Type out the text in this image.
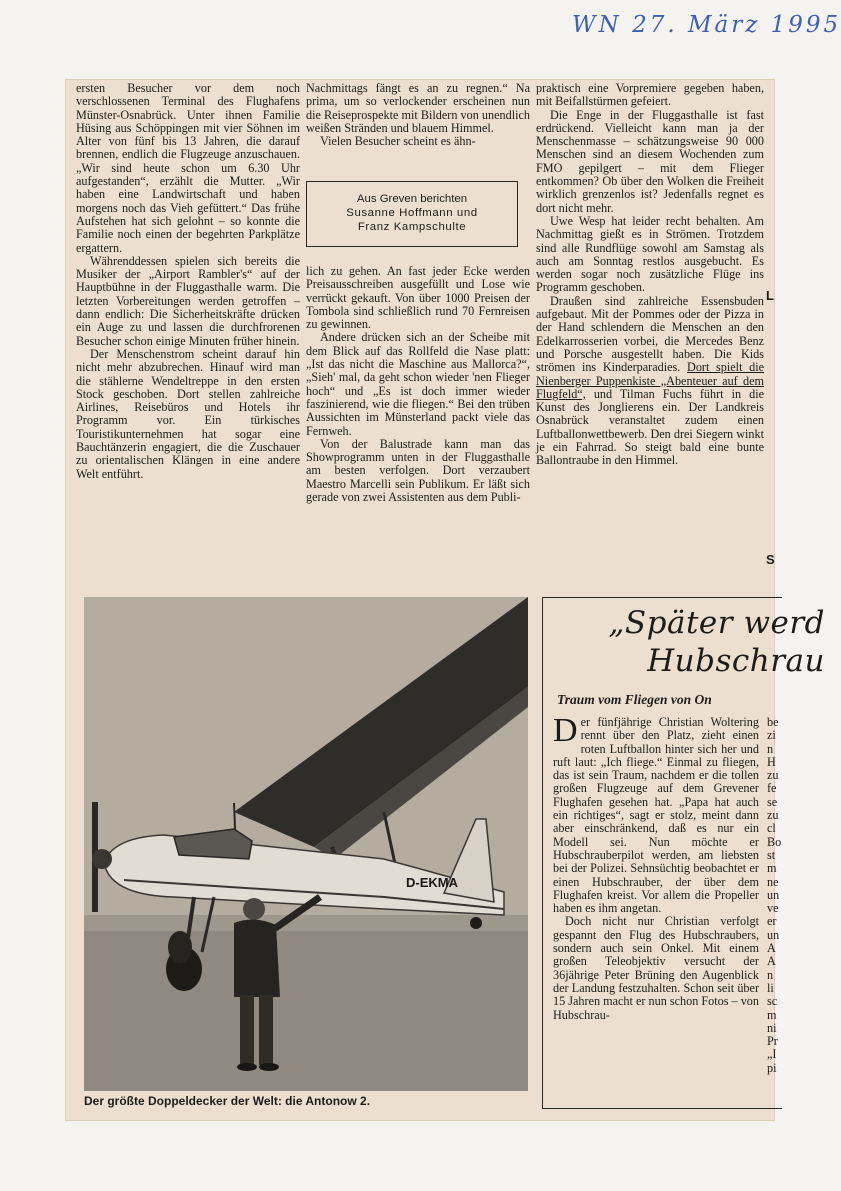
WN 27. März 1995

ersten Besucher vor dem noch verschlossenen Terminal des Flughafens Münster-Osnabrück. Unter ihnen Familie Hüsing aus Schöppingen mit vier Söhnen im Alter von fünf bis 13 Jahren, die darauf brennen, endlich die Flugzeuge anzuschauen. „Wir sind heute schon um 6.30 Uhr aufgestanden“, erzählt die Mutter. „Wir haben eine Landwirtschaft und haben morgens noch das Vieh gefüttert.“ Das frühe Aufstehen hat sich gelohnt – so konnte die Familie noch einen der begehrten Parkplätze ergattern.

Währenddessen spielen sich bereits die Musiker der „Airport Rambler's“ auf der Hauptbühne in der Fluggasthalle warm. Die letzten Vorbereitungen werden getroffen – dann endlich: Die Sicherheitskräfte drücken ein Auge zu und lassen die durchfrorenen Besucher schon einige Minuten früher hinein.

Der Menschenstrom scheint darauf hin nicht mehr abzubrechen. Hinauf wird man die stählerne Wendeltreppe in den ersten Stock geschoben. Dort stellen zahlreiche Airlines, Reisebüros und Hotels ihr Programm vor. Ein türkisches Touristikunternehmen hat sogar eine Bauchtänzerin engagiert, die die Zuschauer zu orientalischen Klängen in eine andere Welt entführt.

Nachmittags fängt es an zu regnen.“ Na prima, um so verlockender erscheinen nun die Reiseprospekte mit Bildern von unendlich weißen Stränden und blauem Himmel.

Vielen Besucher scheint es ähn-

Aus Greven berichten
Susanne Hoffmann und
Franz Kampschulte

lich zu gehen. An fast jeder Ecke werden Preisausschreiben ausgefüllt und Lose wie verrückt gekauft. Von über 1000 Preisen der Tombola sind schließlich rund 70 Fernreisen zu gewinnen.

Andere drücken sich an der Scheibe mit dem Blick auf das Rollfeld die Nase platt: „Ist das nicht die Maschine aus Mallorca?“, „Sieh' mal, da geht schon wieder 'nen Flieger hoch“ und „Es ist doch immer wieder faszinierend, wie die fliegen.“ Bei den trüben Aussichten im Münsterland packt viele das Fernweh.

Von der Balustrade kann man das Showprogramm unten in der Fluggasthalle am besten verfolgen. Dort verzaubert Maestro Marcelli sein Publikum. Er läßt sich gerade von zwei Assistenten aus dem Publi-

praktisch eine Vorpremiere gegeben haben, mit Beifallstürmen gefeiert.

Die Enge in der Fluggasthalle ist fast erdrückend. Vielleicht kann man ja der Menschenmasse – schätzungsweise 90 000 Menschen sind an diesem Wochenden zum FMO gepilgert – mit dem Flieger entkommen? Ob über den Wolken die Freiheit wirklich grenzenlos ist? Jedenfalls regnet es dort nicht mehr.

Uwe Wesp hat leider recht behalten. Am Nachmittag gießt es in Strömen. Trotzdem sind alle Rundflüge sowohl am Samstag als auch am Sonntag restlos ausgebucht. Es werden sogar noch zusätzliche Flüge ins Programm geschoben.

Draußen sind zahlreiche Essensbuden aufgebaut. Mit der Pommes oder der Pizza in der Hand schlendern die Menschen an den Edelkarrosserien vorbei, die Mercedes Benz und Porsche ausgestellt haben. Die Kids strömen ins Kinderparadies. Dort spielt die Nienberger Puppenkiste „Abenteuer auf dem Flugfeld“, und Tilman Fuchs führt in die Kunst des Jonglierens ein. Der Landkreis Osnabrück veranstaltet zudem einen Luftballonwettbewerb. Den drei Siegern winkt je ein Fahrrad. So steigt bald eine bunte Ballontraube in den Himmel.

D-EKMA
Der größte Doppeldecker der Welt: die Antonow 2.
„Später werd
Hubschrau
Traum vom Fliegen von On

Der fünfjährige Christian Woltering rennt über den Platz, zieht einen roten Luftballon hinter sich her und ruft laut: „Ich fliege.“ Einmal zu fliegen, das ist sein Traum, nachdem er die tollen großen Flugzeuge auf dem Grevener Flughafen gesehen hat. „Papa hat auch ein richtiges“, sagt er stolz, meint dann aber einschränkend, daß es nur ein Modell sei. Nun möchte er Hubschrauberpilot werden, am liebsten bei der Polizei. Sehnsüchtig beobachtet er einen Hubschrauber, der über dem Flughafen kreist. Vor allem die Propeller haben es ihm angetan.

Doch nicht nur Christian verfolgt gespannt den Flug des Hubschraubers, sondern auch sein Onkel. Mit einem großen Teleobjektiv versucht der 36jährige Peter Brüning den Augenblick der Landung festzuhalten. Schon seit über 15 Jahren macht er nun schon Fotos – von Hubschrau-

be
zi
n
H
zu
fe
se
zu
cl
Bo
st
m
ne
un
ve
er
un
A
A
n
li
sc
m
ni
Pr
„I
pi
L
S
